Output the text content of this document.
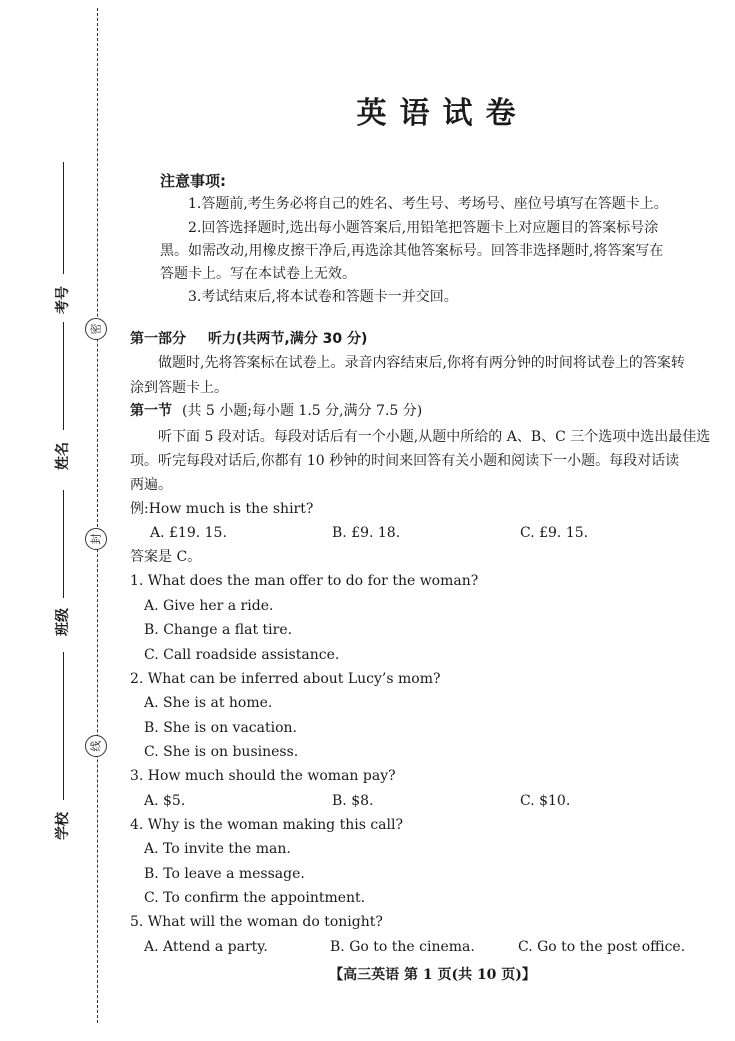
密
封
线
考号
姓名
班级
学校
英语试卷
注意事项:
1.答题前,考生务必将自己的姓名、考生号、考场号、座位号填写在答题卡上。
2.回答选择题时,选出每小题答案后,用铅笔把答题卡上对应题目的答案标号涂
黑。如需改动,用橡皮擦干净后,再选涂其他答案标号。回答非选择题时,将答案写在
答题卡上。写在本试卷上无效。
3.考试结束后,将本试卷和答题卡一并交回。
第一部分 听力(共两节,满分 30 分)
做题时,先将答案标在试卷上。录音内容结束后,你将有两分钟的时间将试卷上的答案转
涂到答题卡上。
第一节 (共 5 小题;每小题 1.5 分,满分 7.5 分)
听下面 5 段对话。每段对话后有一个小题,从题中所给的 A、B、C 三个选项中选出最佳选
项。听完每段对话后,你都有 10 秒钟的时间来回答有关小题和阅读下一小题。每段对话读
两遍。
例:How much is the shirt?
A. £19. 15.	B. £9. 18.	C. £9. 15.
答案是 C。
1. What does the man offer to do for the woman?
A. Give her a ride.
B. Change a flat tire.
C. Call roadside assistance.
2. What can be inferred about Lucy’s mom?
A. She is at home.
B. She is on vacation.
C. She is on business.
3. How much should the woman pay?
A. $5.	B. $8.	C. $10.
4. Why is the woman making this call?
A. To invite the man.
B. To leave a message.
C. To confirm the appointment.
5. What will the woman do tonight?
A. Attend a party.	B. Go to the cinema.	C. Go to the post office.
【高三英语 第 1 页(共 10 页)】
